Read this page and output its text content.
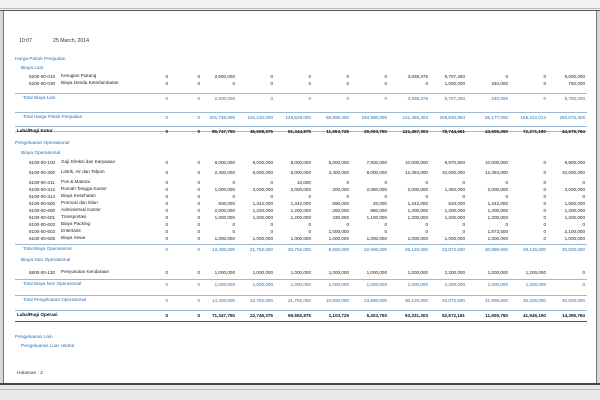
10:07	25 March, 2014
Harga Pokok Penjualan
Biaya Lain
Pengeluaran Operasional
Biaya Operasional
Biaya Non Operasional
Pengeluaran Lain
Pengeluaran Luar Usaha
5200-00-010 Kerugian Piutang	0	0	2,500,000	0	0	0	0	3,938,375	5,707,250	0	0	5,000,000
5200-00-030 Biaya Denda Keterlambatan	0	0	0	0	0	0	0	0	1,000,000	340,000	0	750,000
Total Biaya Lain	0	0	2,500,000	0	0	0	0	3,938,375	6,707,250	340,000	0	5,750,000
Total Harga Pokok Penjualan	0	0	201,746,000	101,232,000	146,529,000	68,996,400	194,990,000	121,465,303	209,540,964	55,177,000	165,222,014	282,675,406
Laba/Rugi Kotor	0	0	85,747,750	45,508,375	81,344,875	11,653,725	29,093,750	121,457,303	78,744,661	43,605,250	72,271,190	44,975,764
6100-00-100 Gaji Direksi dan Karyawan	0	0	6,000,000	8,000,000	8,000,000	5,000,000	7,500,000	10,000,000	8,970,500	10,000,000	0	8,900,000
6100-00-300 Listrik, Air dan Telpon	0	0	2,400,000	6,000,000	6,000,000	2,400,000	9,000,000	12,384,000	10,000,000	12,384,000	0	10,000,000
6100-00-311 Pos & Materai	0	0	0	0	10,000	0	0	0	0	0	0	0
6100-00-312 Rumah Tangga Kantor	0	0	1,000,000	2,000,000	2,000,000	200,000	2,090,000	2,000,000	1,350,000	2,000,000	0	2,000,000
6100-00-314 Biaya Kesehatan	0	0	0	0	0	0	0	0	0	0	0	0
6100-00-500 Promosi dan Iklan	0	0	500,000	1,342,000	1,342,000	890,000	20,000	1,342,000	520,000	1,342,000	0	1,500,000
6100-00-600 Administrasi Kantor	0	0	2,000,000	1,220,000	1,200,000	250,000	980,000	1,200,000	1,200,000	1,200,000	0	1,200,000
6100-00-601 Transportasi	0	0	1,000,000	1,200,000	1,200,000	430,000	1,100,000	1,200,000	1,200,000	1,200,000	0	1,200,000
6100-00-602 Biaya Packing	0	0	0	0	0	0	0	0	0	0	0	0
6100-00-603 Entertaint	0	0	0	0	0	1,000,000	0	0	0	1,873,500	0	2,100,000
6100-00-605 Biaya Sewa	0	0	1,000,000	1,000,000	1,000,000	1,000,000	1,000,000	1,000,000	1,000,000	1,000,000	0	1,000,000
Total Biaya Operasional	0	0	13,400,000	21,762,000	20,752,000	9,550,000	22,690,000	29,126,000	23,872,500	30,999,500	29,126,000	30,500,000
6800-00-130 Penyusutan Kendaraan	0	0	1,000,000	1,000,000	1,000,000	1,000,000	1,000,000	1,000,000	2,200,000	1,000,000	1,200,000	0
Total Biaya Non Operasional	0	0	1,000,000	1,000,000	1,000,000	1,000,000	1,000,000	1,000,000	2,200,000	1,000,000	1,200,000	0
Total Pengeluaran Operasional	0	0	14,400,000	22,762,000	21,752,000	10,550,000	23,690,000	30,126,000	26,072,500	31,999,500	30,326,000	30,500,000
Laba/Rugi Operasi	0	0	71,347,750	22,746,375	59,592,875	1,103,725	5,403,750	93,331,303	52,672,161	11,605,750	41,945,190	14,395,764
Halaman : 2
